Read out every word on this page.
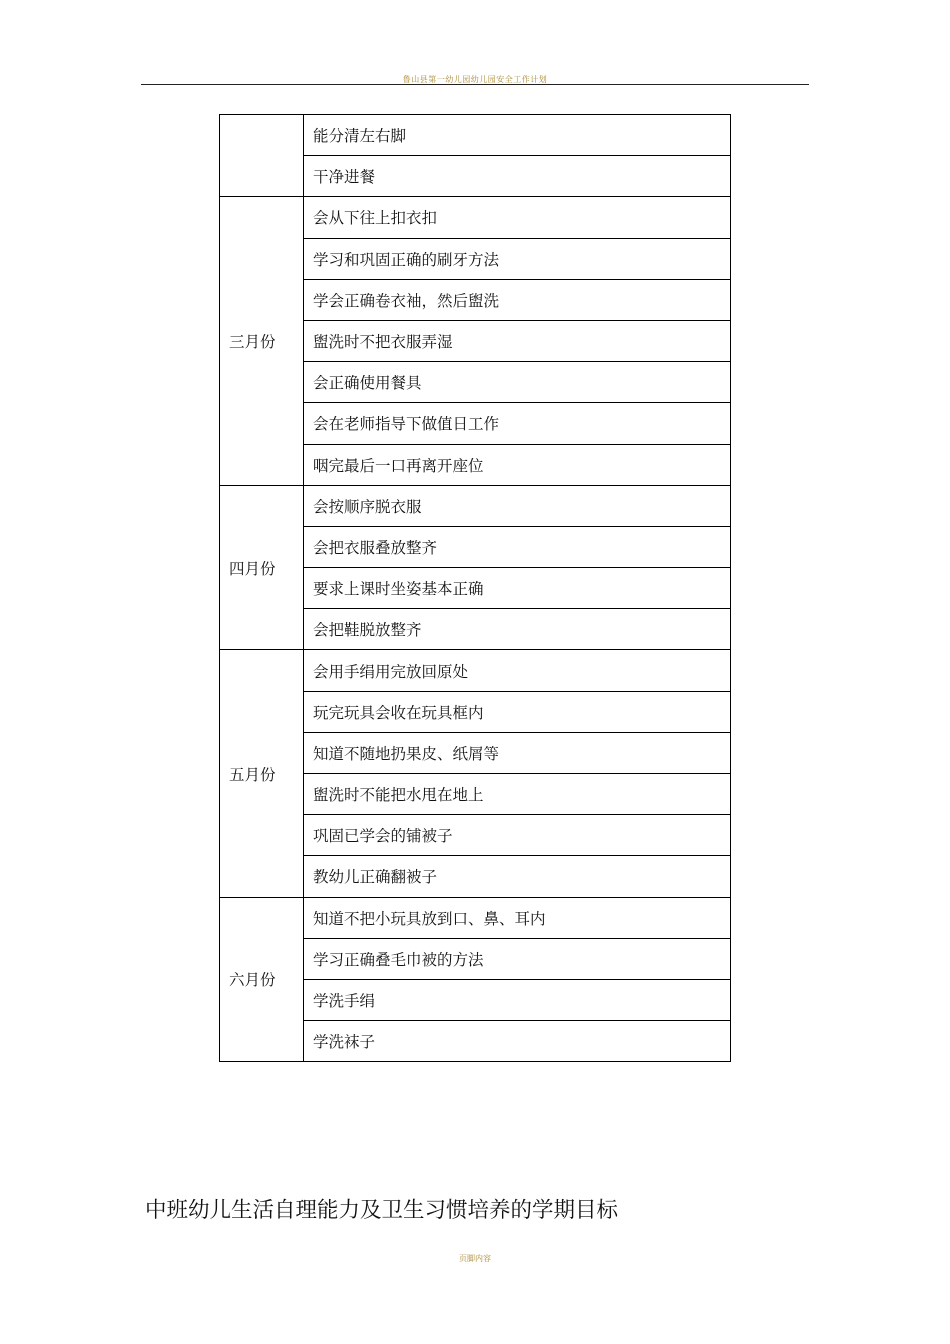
鲁山县第一幼儿园幼儿园安全工作计划
	能分清左右脚
	干净进餐
三月份	会从下往上扣衣扣
	学习和巩固正确的刷牙方法
	学会正确卷衣袖，然后盥洗
	盥洗时不把衣服弄湿
	会正确使用餐具
	会在老师指导下做值日工作
	咽完最后一口再离开座位
四月份	会按顺序脱衣服
	会把衣服叠放整齐
	要求上课时坐姿基本正确
	会把鞋脱放整齐
五月份	会用手绢用完放回原处
	玩完玩具会收在玩具框内
	知道不随地扔果皮、纸屑等
	盥洗时不能把水甩在地上
	巩固已学会的铺被子
	教幼儿正确翻被子
六月份	知道不把小玩具放到口、鼻、耳内
	学习正确叠毛巾被的方法
	学洗手绢
	学洗袜子
中班幼儿生活自理能力及卫生习惯培养的学期目标
页脚内容
